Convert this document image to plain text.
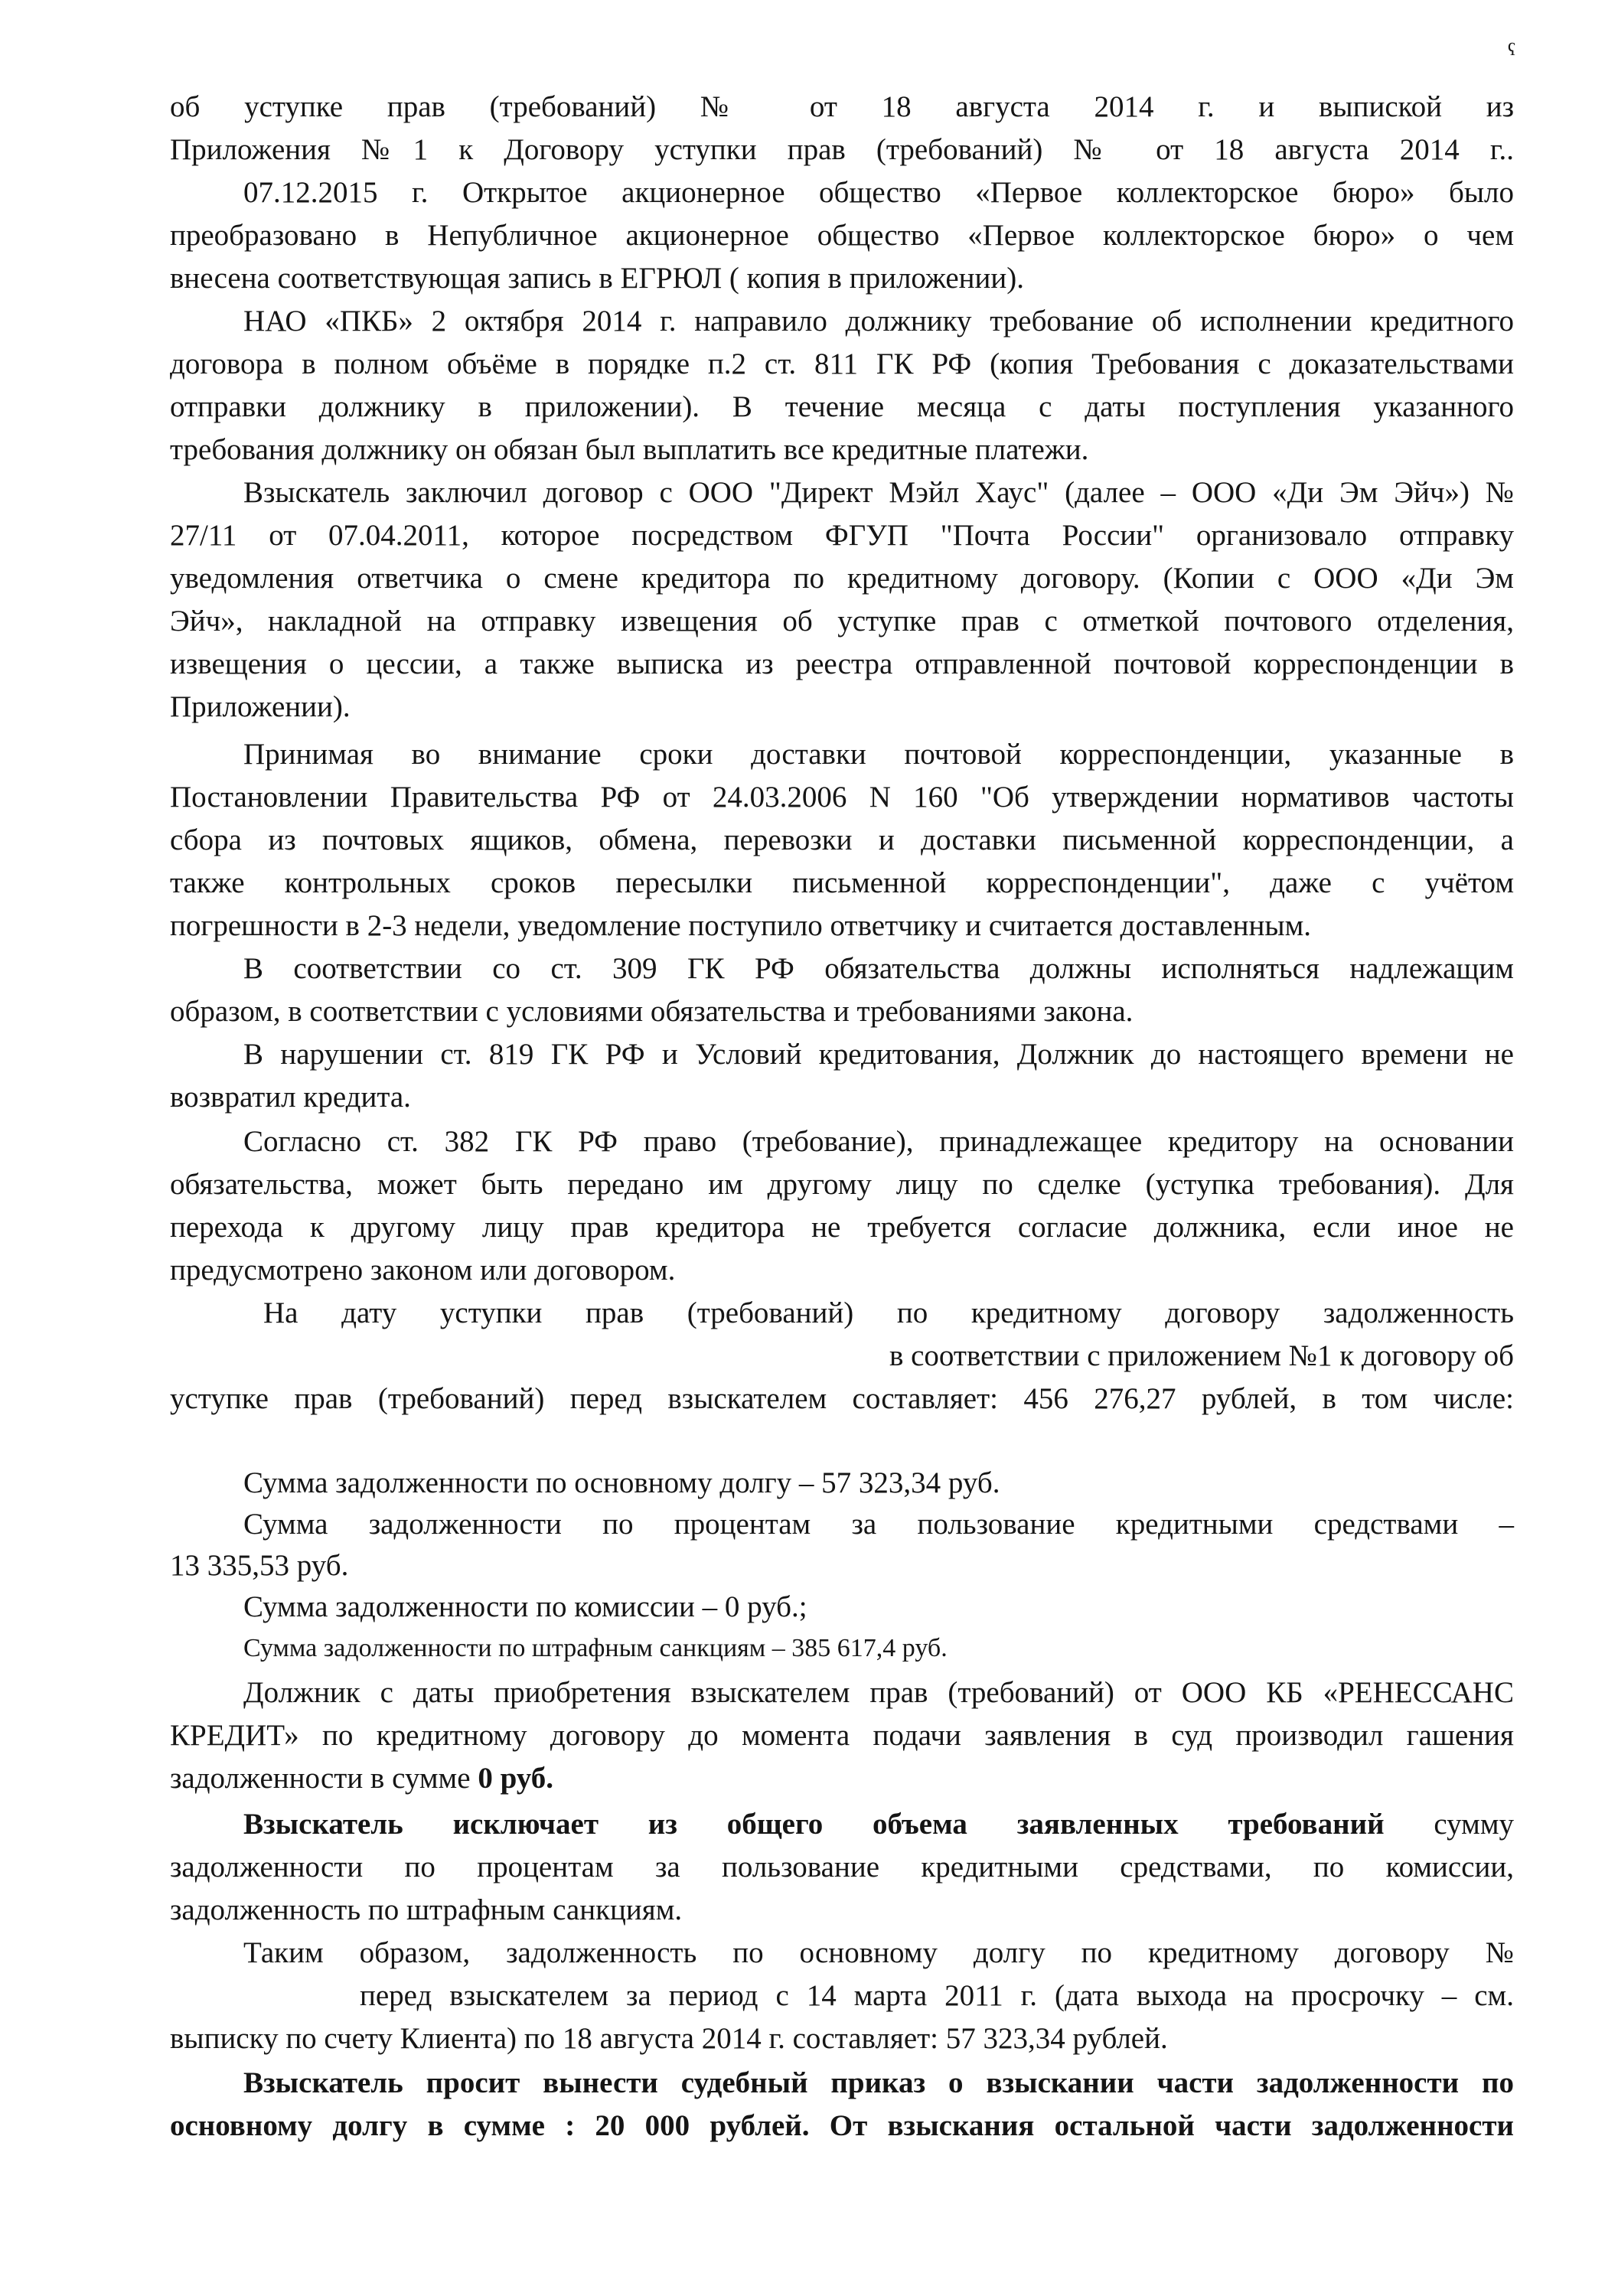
ҁ
об уступке прав (требований) № от 18 августа 2014 г. и выпиской из
Приложения №1 к Договору уступки прав (требований) № от 18 августа 2014 г..
07.12.2015 г. Открытое акционерное общество «Первое коллекторское бюро» было
преобразовано в Непубличное акционерное общество «Первое коллекторское бюро» о чем
внесена соответствующая запись в ЕГРЮЛ ( копия в приложении).
НАО «ПКБ» 2 октября 2014 г. направило должнику требование об исполнении кредитного
договора в полном объёме в порядке п.2 ст. 811 ГК РФ (копия Требования с доказательствами
отправки должнику в приложении). В течение месяца с даты поступления указанного
требования должнику он обязан был выплатить все кредитные платежи.
Взыскатель заключил договор с ООО "Директ Мэйл Хаус" (далее – ООО «Ди Эм Эйч») №
27/11 от 07.04.2011, которое посредством ФГУП "Почта России" организовало отправку
уведомления ответчика о смене кредитора по кредитному договору. (Копии с ООО «Ди Эм
Эйч», накладной на отправку извещения об уступке прав с отметкой почтового отделения,
извещения о цессии, а также выписка из реестра отправленной почтовой корреспонденции в
Приложении).
Принимая во внимание сроки доставки почтовой корреспонденции, указанные в
Постановлении Правительства РФ от 24.03.2006 N 160 "Об утверждении нормативов частоты
сбора из почтовых ящиков, обмена, перевозки и доставки письменной корреспонденции, а
также контрольных сроков пересылки письменной корреспонденции", даже с учётом
погрешности в 2-3 недели, уведомление поступило ответчику и считается доставленным.
В соответствии со ст. 309 ГК РФ обязательства должны исполняться надлежащим
образом, в соответствии с условиями обязательства и требованиями закона.
В нарушении ст. 819 ГК РФ и Условий кредитования, Должник до настоящего времени не
возвратил кредита.
Согласно ст. 382 ГК РФ право (требование), принадлежащее кредитору на основании
обязательства, может быть передано им другому лицу по сделке (уступка требования). Для
перехода к другому лицу прав кредитора не требуется согласие должника, если иное не
предусмотрено законом или договором.
На дату уступки прав (требований) по кредитному договору задолженность
в соответствии с приложением №1 к договору об
уступке прав (требований) перед взыскателем составляет: 456 276,27 рублей, в том числе:
Сумма задолженности по основному долгу – 57 323,34 руб.
Сумма задолженности по процентам за пользование кредитными средствами –
13 335,53 руб.
Сумма задолженности по комиссии – 0 руб.;
Сумма задолженности по штрафным санкциям – 385 617,4 руб.
Должник с даты приобретения взыскателем прав (требований) от ООО КБ «РЕНЕССАНС
КРЕДИТ» по кредитному договору до момента подачи заявления в суд производил гашения
задолженности в сумме 0 руб.
Взыскатель исключает из общего объема заявленных требований сумму
задолженности по процентам за пользование кредитными средствами, по комиссии,
задолженность по штрафным санкциям.
Таким образом, задолженность по основному долгу по кредитному договору №
перед взыскателем за период с 14 марта 2011 г. (дата выхода на просрочку – см.
выписку по счету Клиента) по 18 августа 2014 г. составляет: 57 323,34 рублей.
Взыскатель просит вынести судебный приказ о взыскании части задолженности по
основному долгу в сумме : 20 000 рублей. От взыскания остальной части задолженности
